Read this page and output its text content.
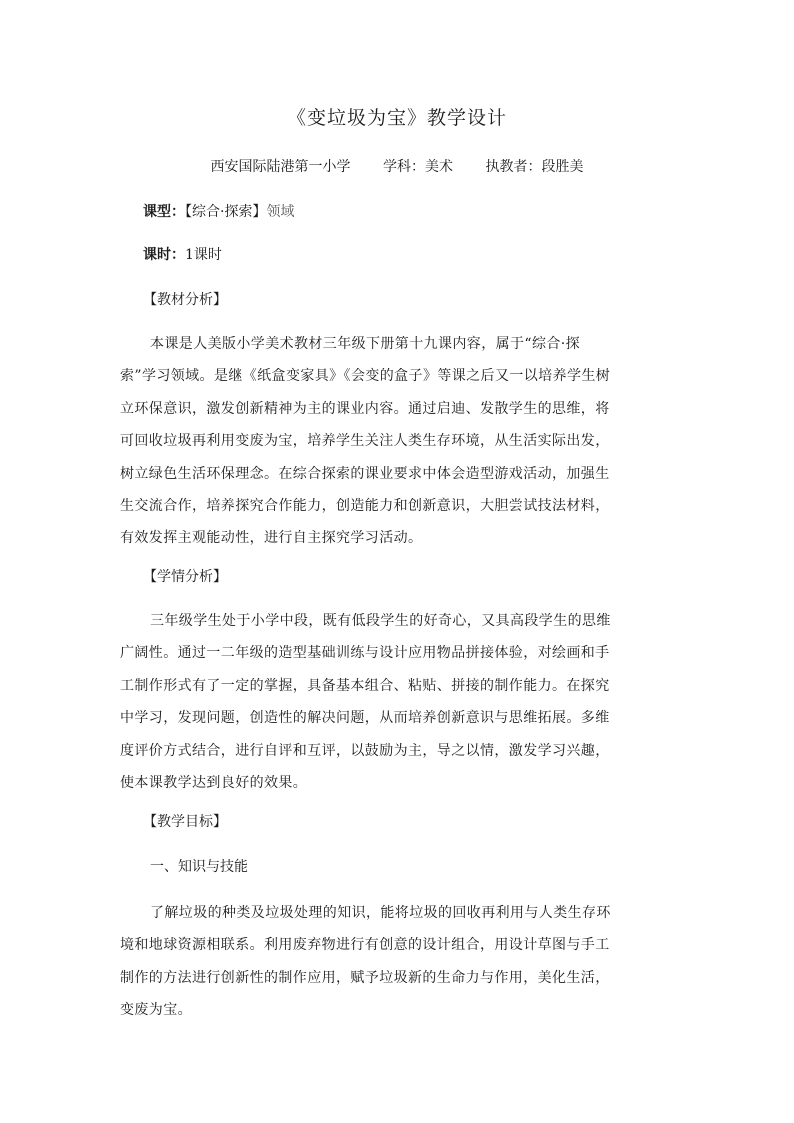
《变垃圾为宝》教学设计
西安国际陆港第一小学 学科：美术 执教者：段胜美
课型：【综合·探索】领域
课时：1课时
【教材分析】
本课是人美版小学美术教材三年级下册第十九课内容，属于“综合·探
索”学习领域。是继《纸盒变家具》《会变的盒子》等课之后又一以培养学生树
立环保意识，激发创新精神为主的课业内容。通过启迪、发散学生的思维，将
可回收垃圾再利用变废为宝，培养学生关注人类生存环境，从生活实际出发，
树立绿色生活环保理念。在综合探索的课业要求中体会造型游戏活动，加强生
生交流合作，培养探究合作能力，创造能力和创新意识，大胆尝试技法材料，
有效发挥主观能动性，进行自主探究学习活动。
【学情分析】
三年级学生处于小学中段，既有低段学生的好奇心，又具高段学生的思维
广阔性。通过一二年级的造型基础训练与设计应用物品拼接体验，对绘画和手
工制作形式有了一定的掌握，具备基本组合、粘贴、拼接的制作能力。在探究
中学习，发现问题，创造性的解决问题，从而培养创新意识与思维拓展。多维
度评价方式结合，进行自评和互评，以鼓励为主，导之以情，激发学习兴趣，
使本课教学达到良好的效果。
【教学目标】
一、知识与技能
了解垃圾的种类及垃圾处理的知识，能将垃圾的回收再利用与人类生存环
境和地球资源相联系。利用废弃物进行有创意的设计组合，用设计草图与手工
制作的方法进行创新性的制作应用，赋予垃圾新的生命力与作用，美化生活，
变废为宝。
